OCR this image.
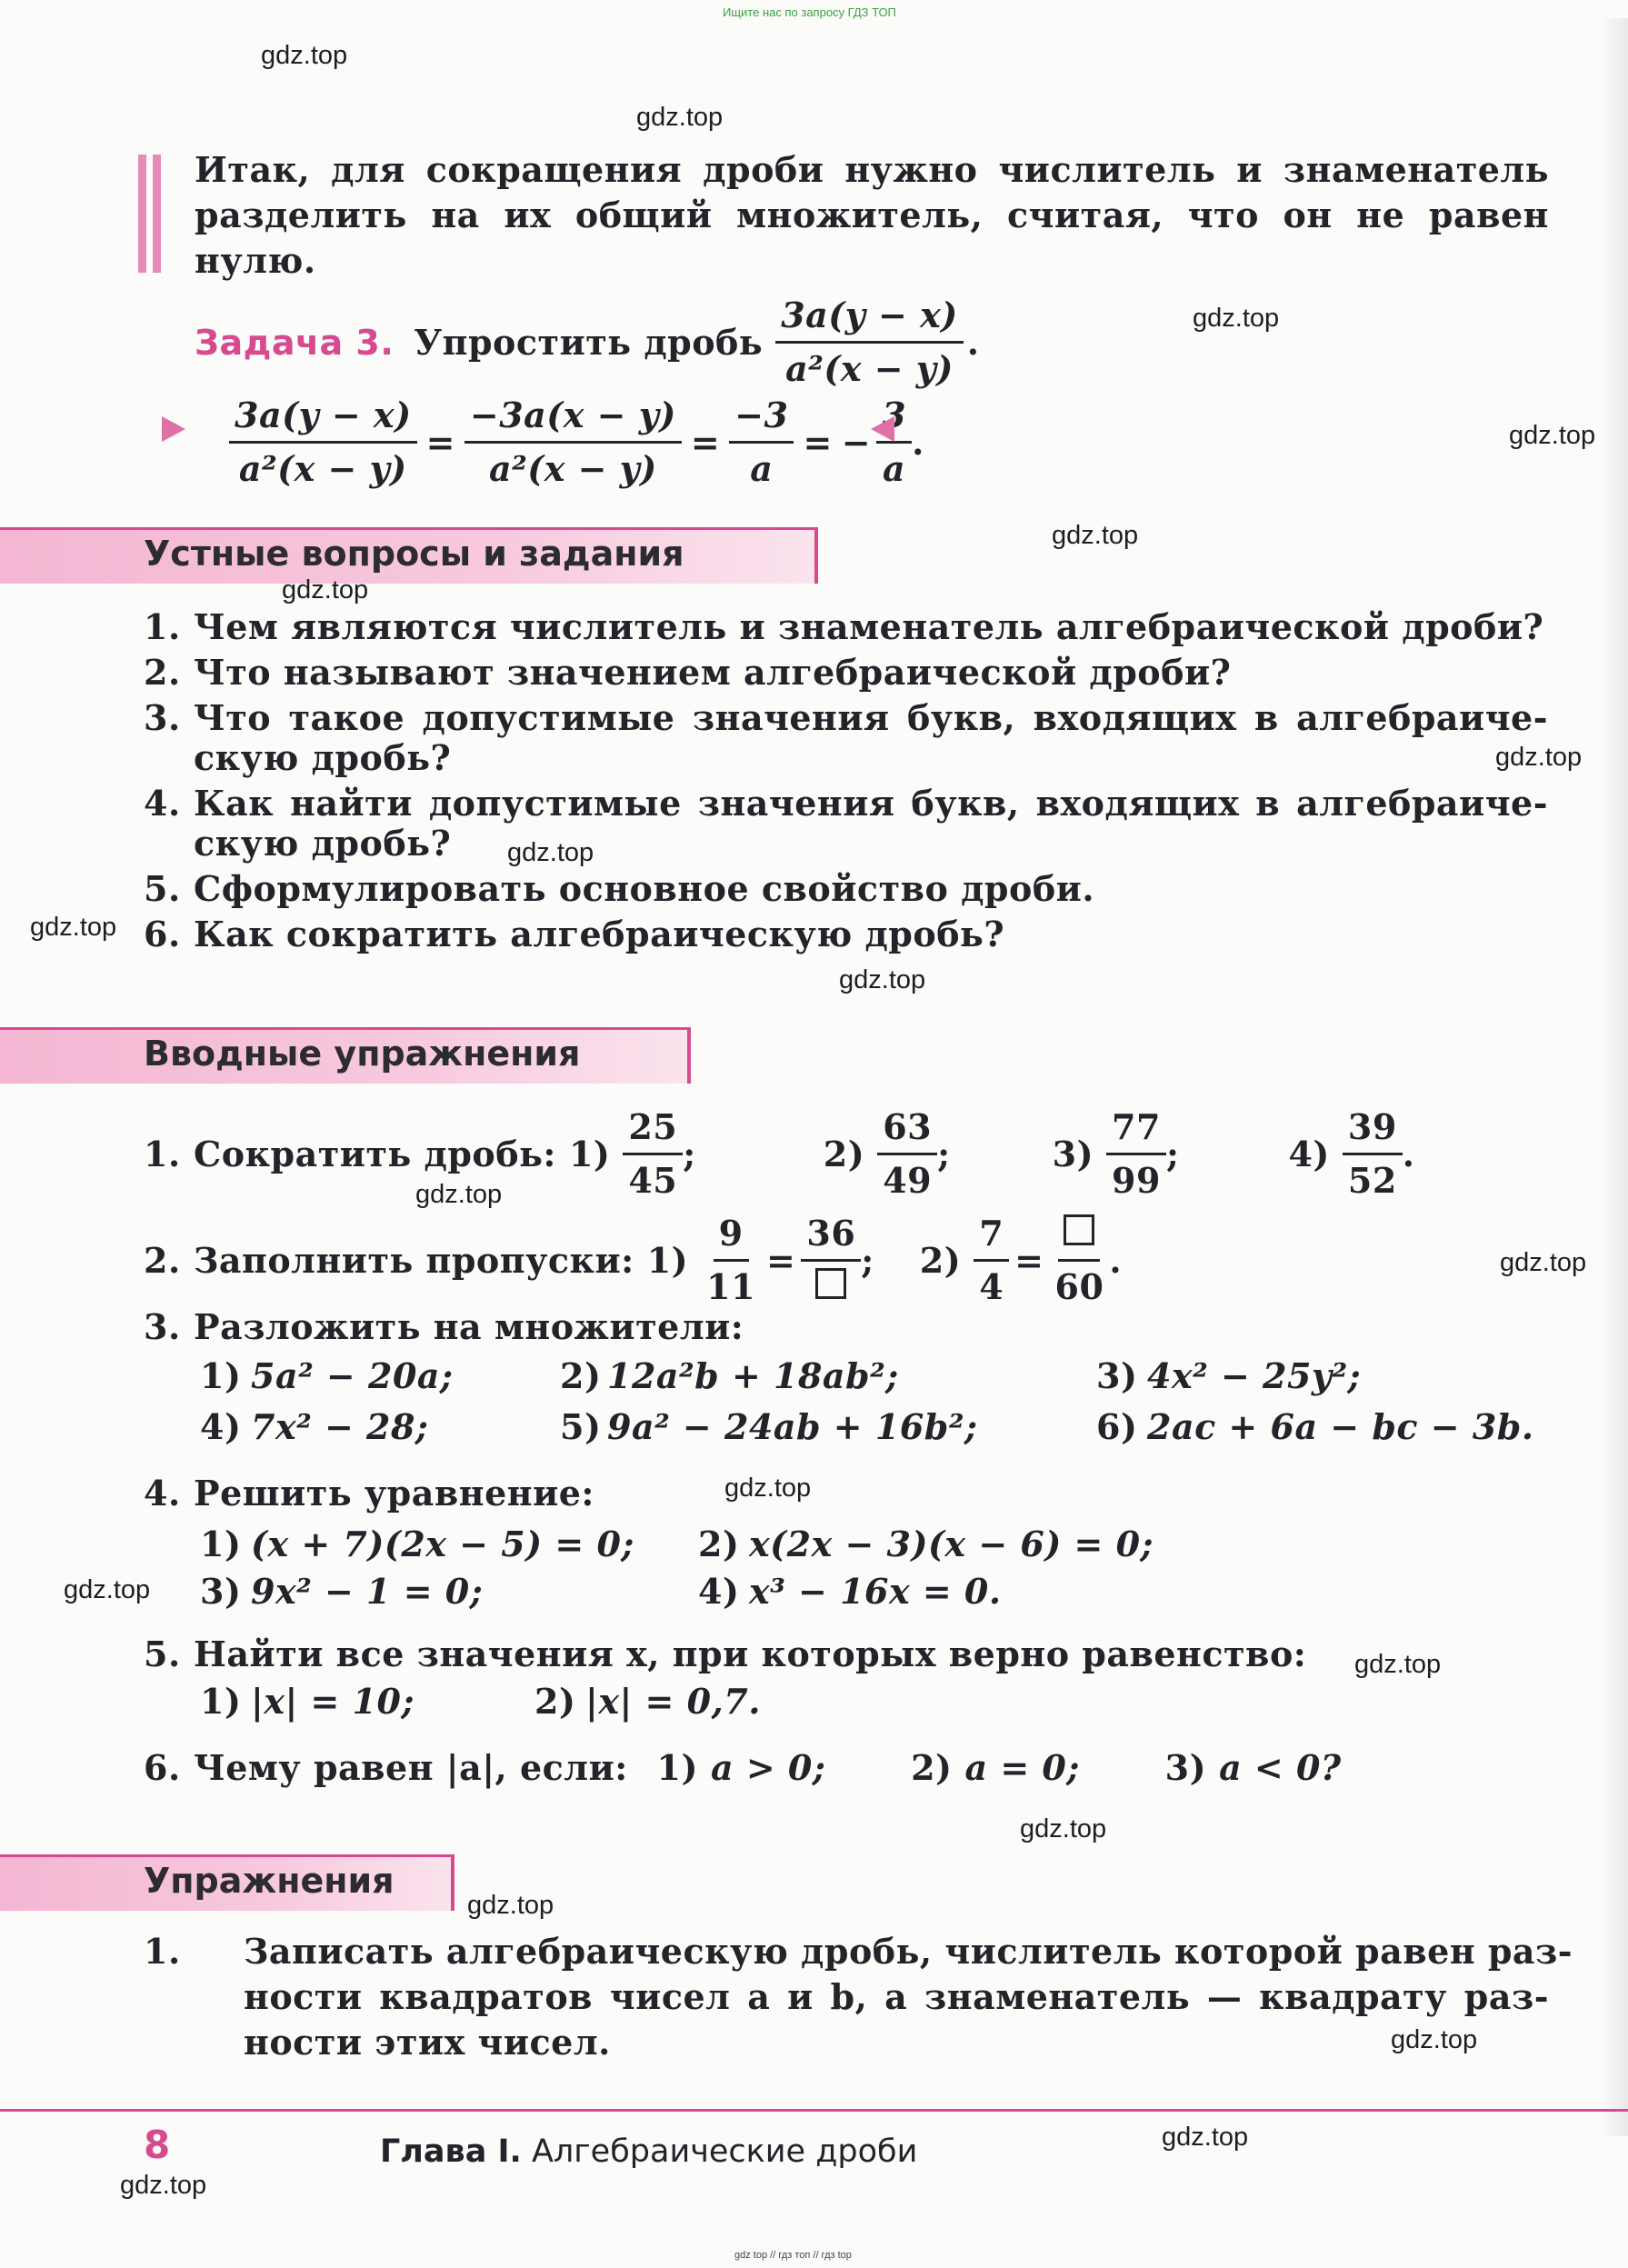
Ищите нас по запросу ГДЗ ТОП
gdz top // гдз топ // гдз top
Итак, для сокращения дроби нужно числитель и знаменатель разделить на их общий множитель, считая, что он не равен нулю.
Задача 3. Упростить дробь $\frac{3a(y - x)}{\text{a²(x − y)}}$ .
$\frac{3a(y - x)}{\text{a²(x − y)}} = \frac{-3a(x - y)}{\text{a²(x − y)}} = \frac{-3}{a}$ = − $\frac{3}{a}$ .
Устные вопросы и задания
1. Чем являются числитель и знаменатель алгебраической дроби?
2. Что называют значением алгебраической дроби?
3. Что такое допустимые значения букв, входящих в алгебраиче-
скую дробь?
4. Как найти допустимые значения букв, входящих в алгебраиче-
скую дробь?
5. Сформулировать основное свойство дроби.
6. Как сократить алгебраическую дробь?
Вводные упражнения
1. Сократить дробь: $1) \frac{25}{45}$ ;	$2) \frac{63}{49}$ ;	$3) \frac{77}{99}$ ;	$4) \frac{39}{52}$ .
2. Заполнить пропуски: $1) \frac{9}{11}$ =
36
; $2) \frac{7}{4}$ =
60
.
3. Разложить на множители:
1) 5a² − 20a;	2) 12a²b + 18ab²;	3) 4x² − 25y²;
4) 7x² − 28;	5) 9a² − 24ab + 16b²;	6) 2ac + 6a − bc − 3b.
4. Решить уравнение:
1) (x + 7)(2x − 5) = 0; 2) x(2x − 3)(x − 6) = 0;
3) 9x² − 1 = 0;	4) x³ − 16x = 0.
5. Найти все значения x, при которых верно равенство:
1) |x| = 10;	2) |x| = 0,7.
6. Чему равен |a|, если: 1) a > 0; 2) a = 0; 3) a < 0?
Упражнения
1. Записать алгебраическую дробь, числитель которой равен раз-
ности квадратов чисел a и b, а знаменатель — квадрату раз-
ности этих чисел.
8	Глава I. Алгебраические дроби
gdz.top
gdz.top
gdz.top
gdz.top
gdz.top
gdz.top
gdz.top
gdz.top
gdz.top
gdz.top
gdz.top
gdz.top
gdz.top
gdz.top
gdz.top
gdz.top
gdz.top
gdz.top
gdz.top
gdz.top
